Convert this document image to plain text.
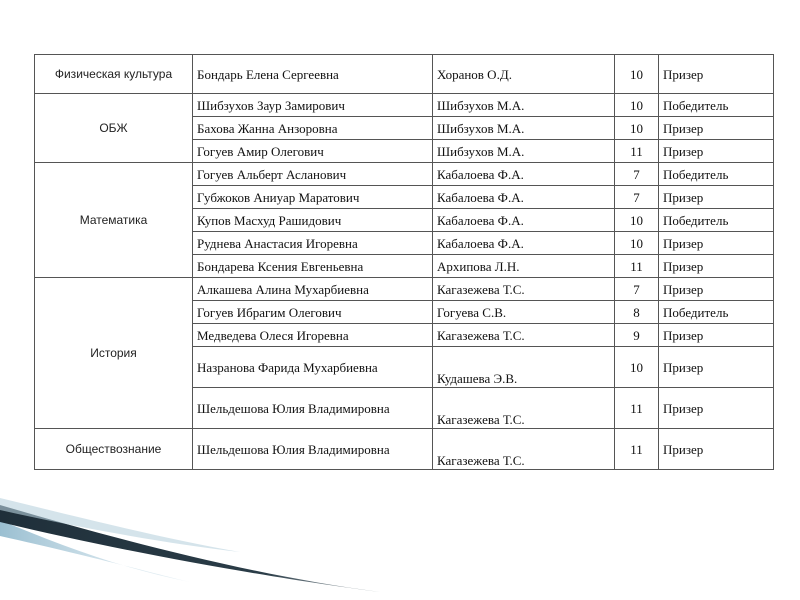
Физическая культура	Бондарь Елена Сергеевна	Хоранов О.Д.	10	Призер
ОБЖ	Шибзухов Заур Замирович	Шибзухов М.А.	10	Победитель
	Бахова Жанна Анзоровна	Шибзухов М.А.	10	Призер
	Гогуев Амир Олегович	Шибзухов М.А.	11	Призер
Математика	Гогуев Альберт Асланович	Кабалоева Ф.А.	7	Победитель
	Губжоков Аниуар Маратович	Кабалоева Ф.А.	7	Призер
	Купов Масхуд Рашидович	Кабалоева Ф.А.	10	Победитель
	Руднева Анастасия Игоревна	Кабалоева Ф.А.	10	Призер
	Бондарева Ксения Евгеньевна	Архипова Л.Н.	11	Призер
История	Алкашева Алина Мухарбиевна	Кагазежева Т.С.	7	Призер
	Гогуев Ибрагим Олегович	Гогуева С.В.	8	Победитель
	Медведева Олеся Игоревна	Кагазежева Т.С.	9	Призер
	Назранова Фарида Мухарбиевна	Кудашева Э.В.	10	Призер
	Шельдешова Юлия Владимировна	Кагазежева Т.С.	11	Призер
Обществознание	Шельдешова Юлия Владимировна	Кагазежева Т.С.	11	Призер
